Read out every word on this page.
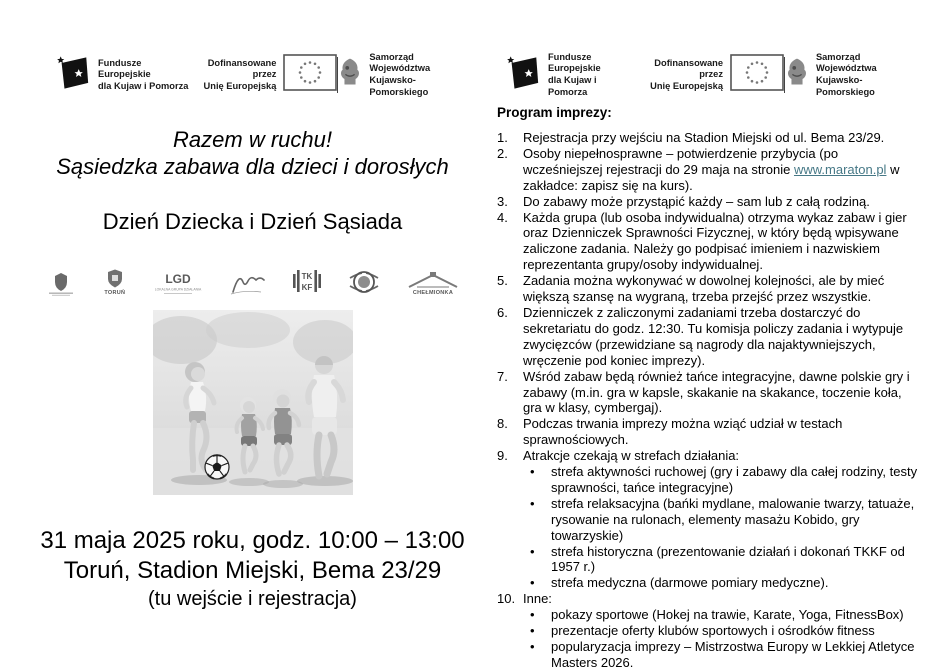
Fundusze Europejskie
dla Kujaw i Pomorza
Dofinansowane przez
Unię Europejską
Samorząd Województwa
Kujawsko-Pomorskiego
Razem w ruchu!
Sąsiedzka zabawa dla dzieci i dorosłych
Dzień Dziecka i Dzień Sąsiada
TORUŃ
LGD
LOKALNA GRUPA DZIAŁANIA
TK
KF
CHEŁMIONKA
31 maja 2025 roku, godz. 10:00 – 13:00
Toruń, Stadion Miejski, Bema 23/29
(tu wejście i rejestracja)
Fundusze Europejskie
dla Kujaw i Pomorza
Dofinansowane przez
Unię Europejską
Samorząd Województwa
Kujawsko-Pomorskiego
Program imprezy:
1.	Rejestracja przy wejściu na Stadion Miejski od ul. Bema 23/29.
2.	Osoby niepełnosprawne – potwierdzenie przybycia (po wcześniejszej rejestracji do 29 maja na stronie www.maraton.pl w zakładce: zapisz się na kurs).
3.	Do zabawy może przystąpić każdy – sam lub z całą rodziną.
4.	Każda grupa (lub osoba indywidualna) otrzyma wykaz zabaw i gier oraz Dzienniczek Sprawności Fizycznej, w który będą wpisywane zaliczone zadania. Należy go podpisać imieniem i nazwiskiem reprezentanta grupy/osoby indywidualnej.
5.	Zadania można wykonywać w dowolnej kolejności, ale by mieć większą szansę na wygraną, trzeba przejść przez wszystkie.
6.	Dzienniczek z zaliczonymi zadaniami trzeba dostarczyć do sekretariatu do godz. 12:30. Tu komisja policzy zadania i wytypuje zwycięzców (przewidziane są nagrody dla najaktywniejszych, wręczenie pod koniec imprezy).
7.	Wśród zabaw będą również tańce integracyjne, dawne polskie gry i zabawy (m.in. gra w kapsle, skakanie na skakance, toczenie koła, gra w klasy, cymbergaj).
8.	Podczas trwania imprezy można wziąć udział w testach sprawnościowych.
9.	Atrakcje czekają w strefach działania:
•
strefa aktywności ruchowej (gry i zabawy dla całej rodziny, testy sprawności, tańce integracyjne)
•
strefa relaksacyjna (bańki mydlane, malowanie twarzy, tatuaże, rysowanie na rulonach, elementy masażu Kobido, gry towarzyskie)
•
strefa historyczna (prezentowanie działań i dokonań TKKF od 1957 r.)
•
strefa medyczna (darmowe pomiary medyczne).
10. Inne:
•
pokazy sportowe (Hokej na trawie, Karate, Yoga, FitnessBox)
•
prezentacje oferty klubów sportowych i ośrodków fitness
•
popularyzacja imprezy – Mistrzostwa Europy w Lekkiej Atletyce Masters 2026.
